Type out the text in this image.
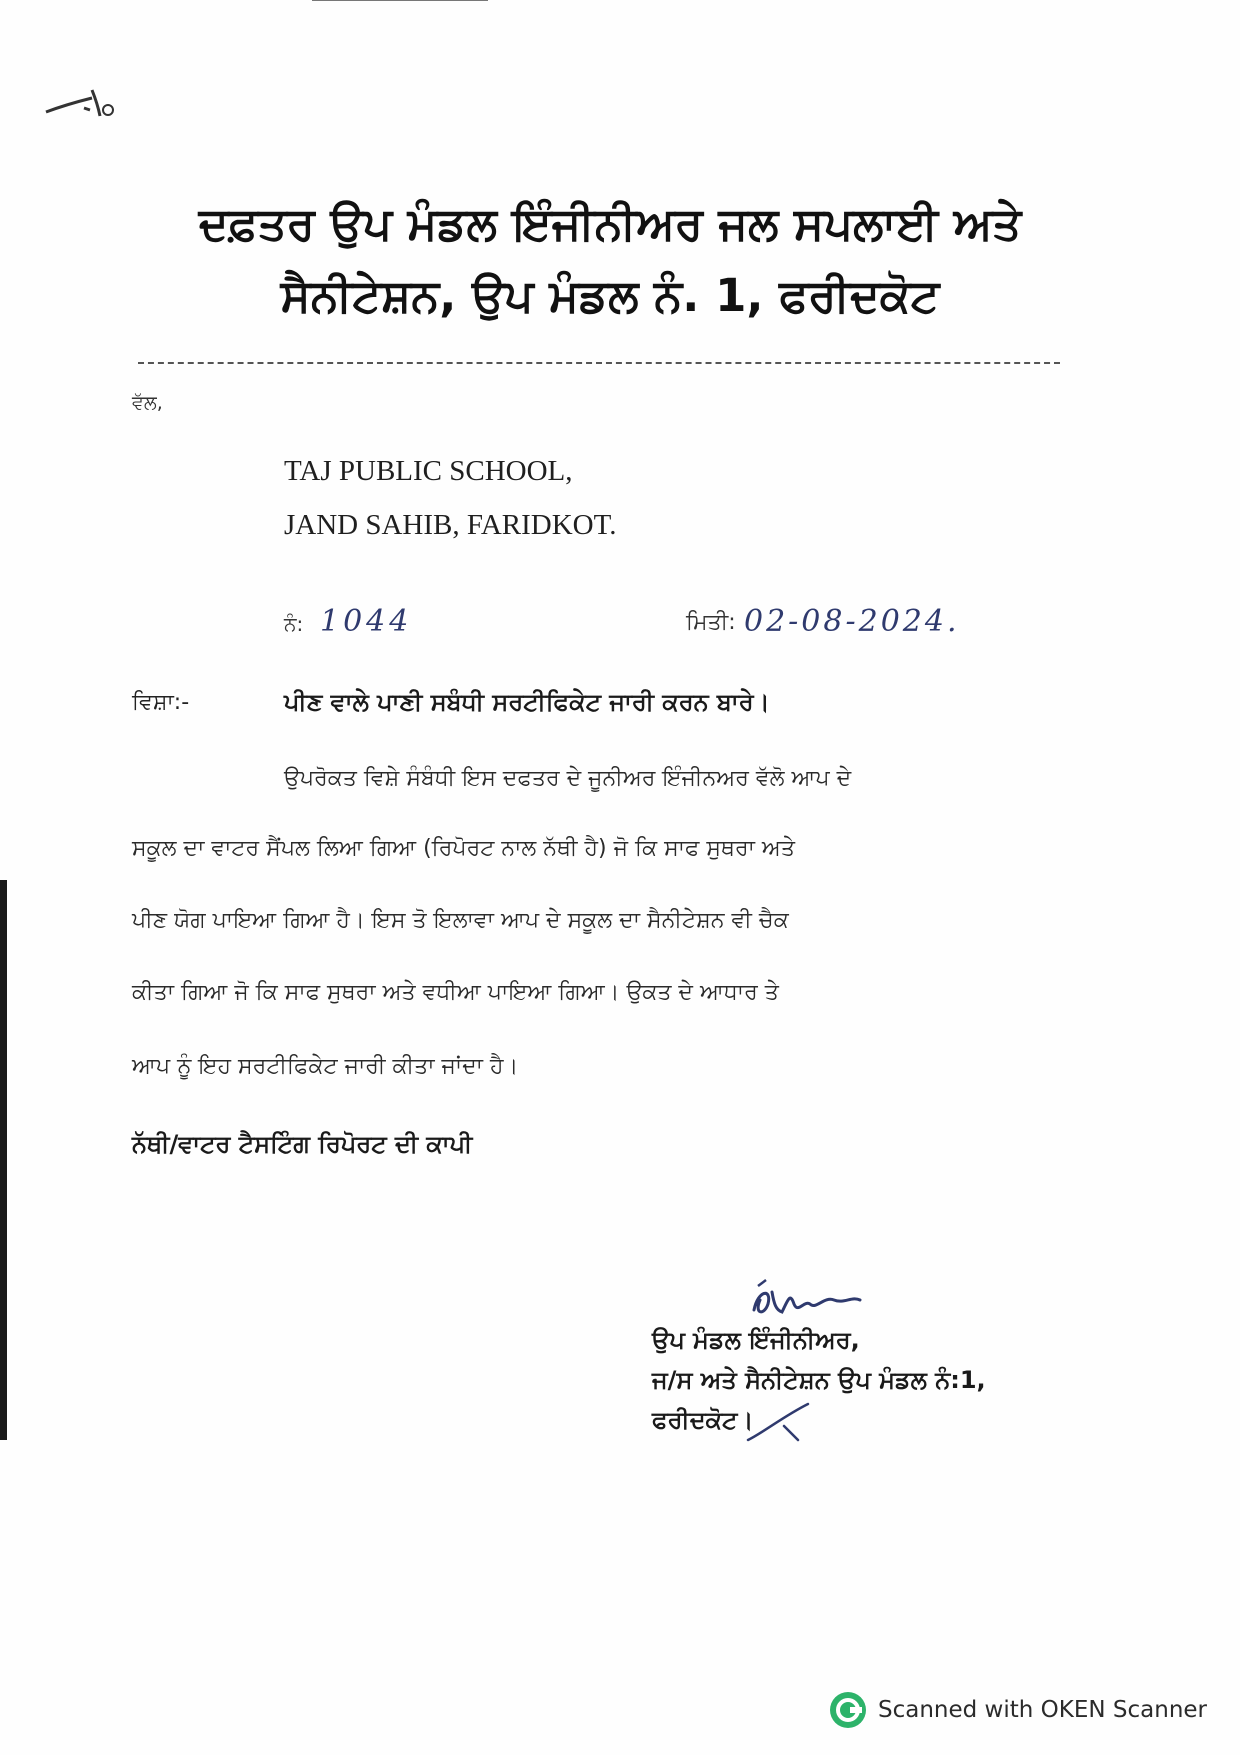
ਦਫ਼ਤਰ ਉਪ ਮੰਡਲ ਇੰਜੀਨੀਅਰ ਜਲ ਸਪਲਾਈ ਅਤੇ
ਸੈਨੀਟੇਸ਼ਨ, ਉਪ ਮੰਡਲ ਨੰ. 1, ਫਰੀਦਕੋਟ
ਵੱਲ,
TAJ PUBLIC SCHOOL,
JAND SAHIB, FARIDKOT.
ਨੰ: 1044	ਮਿਤੀ: 02-08-2024.
ਵਿਸ਼ਾ:-	ਪੀਣ ਵਾਲੇ ਪਾਣੀ ਸਬੰਧੀ ਸਰਟੀਫਿਕੇਟ ਜਾਰੀ ਕਰਨ ਬਾਰੇ।
ਉਪਰੋਕਤ ਵਿਸ਼ੇ ਸੰਬੰਧੀ ਇਸ ਦਫਤਰ ਦੇ ਜੂਨੀਅਰ ਇੰਜੀਨਅਰ ਵੱਲੋ ਆਪ ਦੇ
ਸਕੂਲ ਦਾ ਵਾਟਰ ਸੈਂਪਲ ਲਿਆ ਗਿਆ (ਰਿਪੋਰਟ ਨਾਲ ਨੱਥੀ ਹੈ) ਜੋ ਕਿ ਸਾਫ ਸੁਥਰਾ ਅਤੇ
ਪੀਣ ਯੋਗ ਪਾਇਆ ਗਿਆ ਹੈ। ਇਸ ਤੋ ਇਲਾਵਾ ਆਪ ਦੇ ਸਕੂਲ ਦਾ ਸੈਨੀਟੇਸ਼ਨ ਵੀ ਚੈਕ
ਕੀਤਾ ਗਿਆ ਜੋ ਕਿ ਸਾਫ ਸੁਥਰਾ ਅਤੇ ਵਧੀਆ ਪਾਇਆ ਗਿਆ। ਉਕਤ ਦੇ ਆਧਾਰ ਤੇ
ਆਪ ਨੂੰ ਇਹ ਸਰਟੀਫਿਕੇਟ ਜਾਰੀ ਕੀਤਾ ਜਾਂਦਾ ਹੈ।
ਨੱਥੀ/ਵਾਟਰ ਟੈਸਟਿੰਗ ਰਿਪੋਰਟ ਦੀ ਕਾਪੀ
ਉਪ ਮੰਡਲ ਇੰਜੀਨੀਅਰ,
ਜ/ਸ ਅਤੇ ਸੈਨੀਟੇਸ਼ਨ ਉਪ ਮੰਡਲ ਨੰ:1,
ਫਰੀਦਕੋਟ।
Scanned with OKEN Scanner
